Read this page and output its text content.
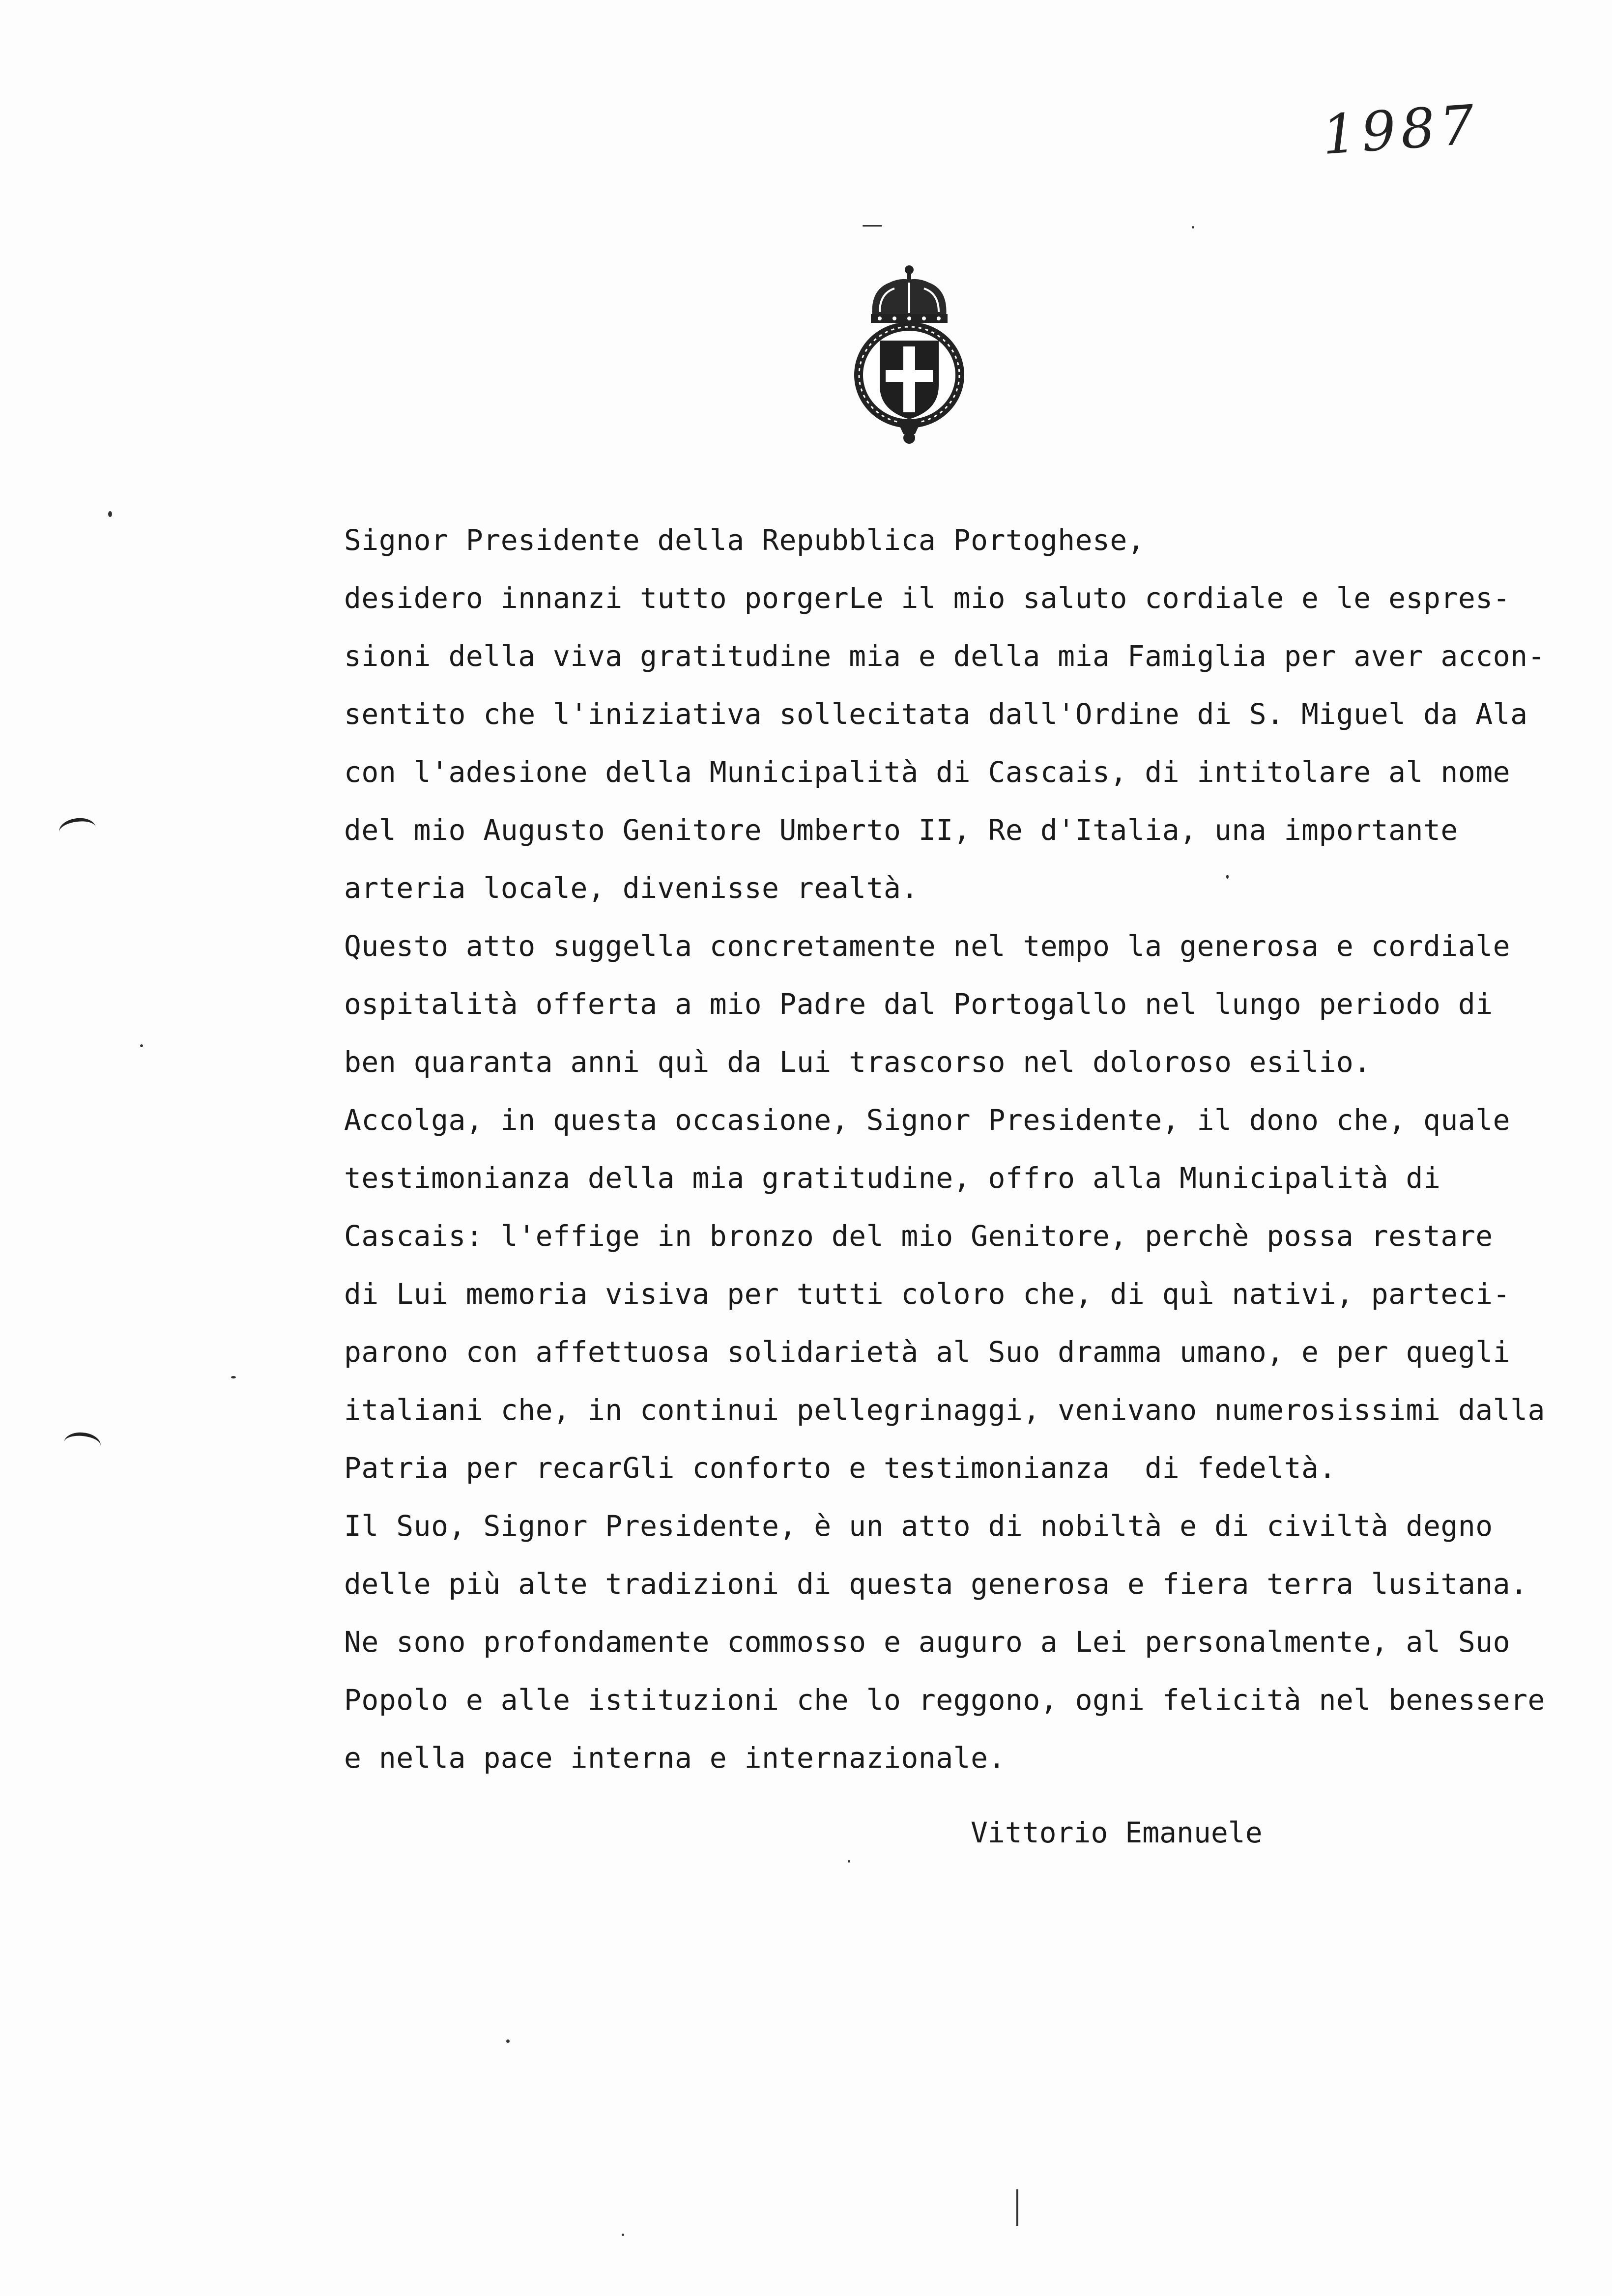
1987
Signor Presidente della Repubblica Portoghese,
desidero innanzi tutto porgerLe il mio saluto cordiale e le espres-
sioni della viva gratitudine mia e della mia Famiglia per aver accon-
sentito che l'iniziativa sollecitata dall'Ordine di S. Miguel da Ala
con l'adesione della Municipalità di Cascais, di intitolare al nome
del mio Augusto Genitore Umberto II, Re d'Italia, una importante
arteria locale, divenisse realtà.
Questo atto suggella concretamente nel tempo la generosa e cordiale
ospitalità offerta a mio Padre dal Portogallo nel lungo periodo di
ben quaranta anni quì da Lui trascorso nel doloroso esilio.
Accolga, in questa occasione, Signor Presidente, il dono che, quale
testimonianza della mia gratitudine, offro alla Municipalità di
Cascais: l'effige in bronzo del mio Genitore, perchè possa restare
di Lui memoria visiva per tutti coloro che, di quì nativi, parteci-
parono con affettuosa solidarietà al Suo dramma umano, e per quegli
italiani che, in continui pellegrinaggi, venivano numerosissimi dalla
Patria per recarGli conforto e testimonianza  di fedeltà.
Il Suo, Signor Presidente, è un atto di nobiltà e di civiltà degno
delle più alte tradizioni di questa generosa e fiera terra lusitana.
Ne sono profondamente commosso e auguro a Lei personalmente, al Suo
Popolo e alle istituzioni che lo reggono, ogni felicità nel benessere
e nella pace interna e internazionale.
Vittorio Emanuele
